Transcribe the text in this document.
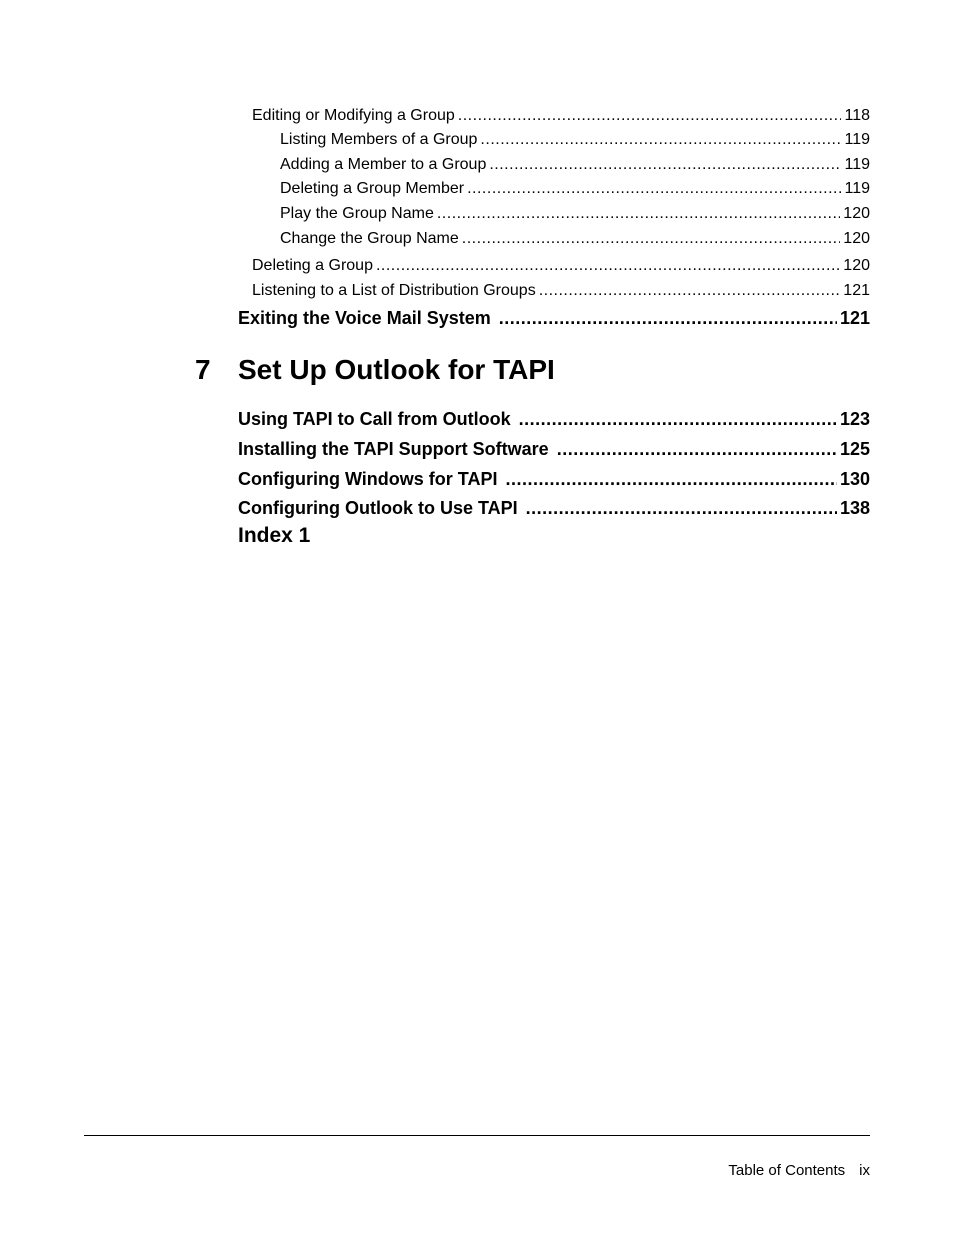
Editing or Modifying a Group .....	118
Listing Members of a Group .....	119
Adding a Member to a Group .....	119
Deleting a Group Member .....	119
Play the Group Name .....	120
Change the Group Name .....	120
Deleting a Group .....	120
Listening to a List of Distribution Groups .....	121
Exiting the Voice Mail System .....	121
7 Set Up Outlook for TAPI
Using TAPI to Call from Outlook .....	123
Installing the TAPI Support Software .....	125
Configuring Windows for TAPI .....	130
Configuring Outlook to Use TAPI .....	138
Index 1
Table of Contents ix
